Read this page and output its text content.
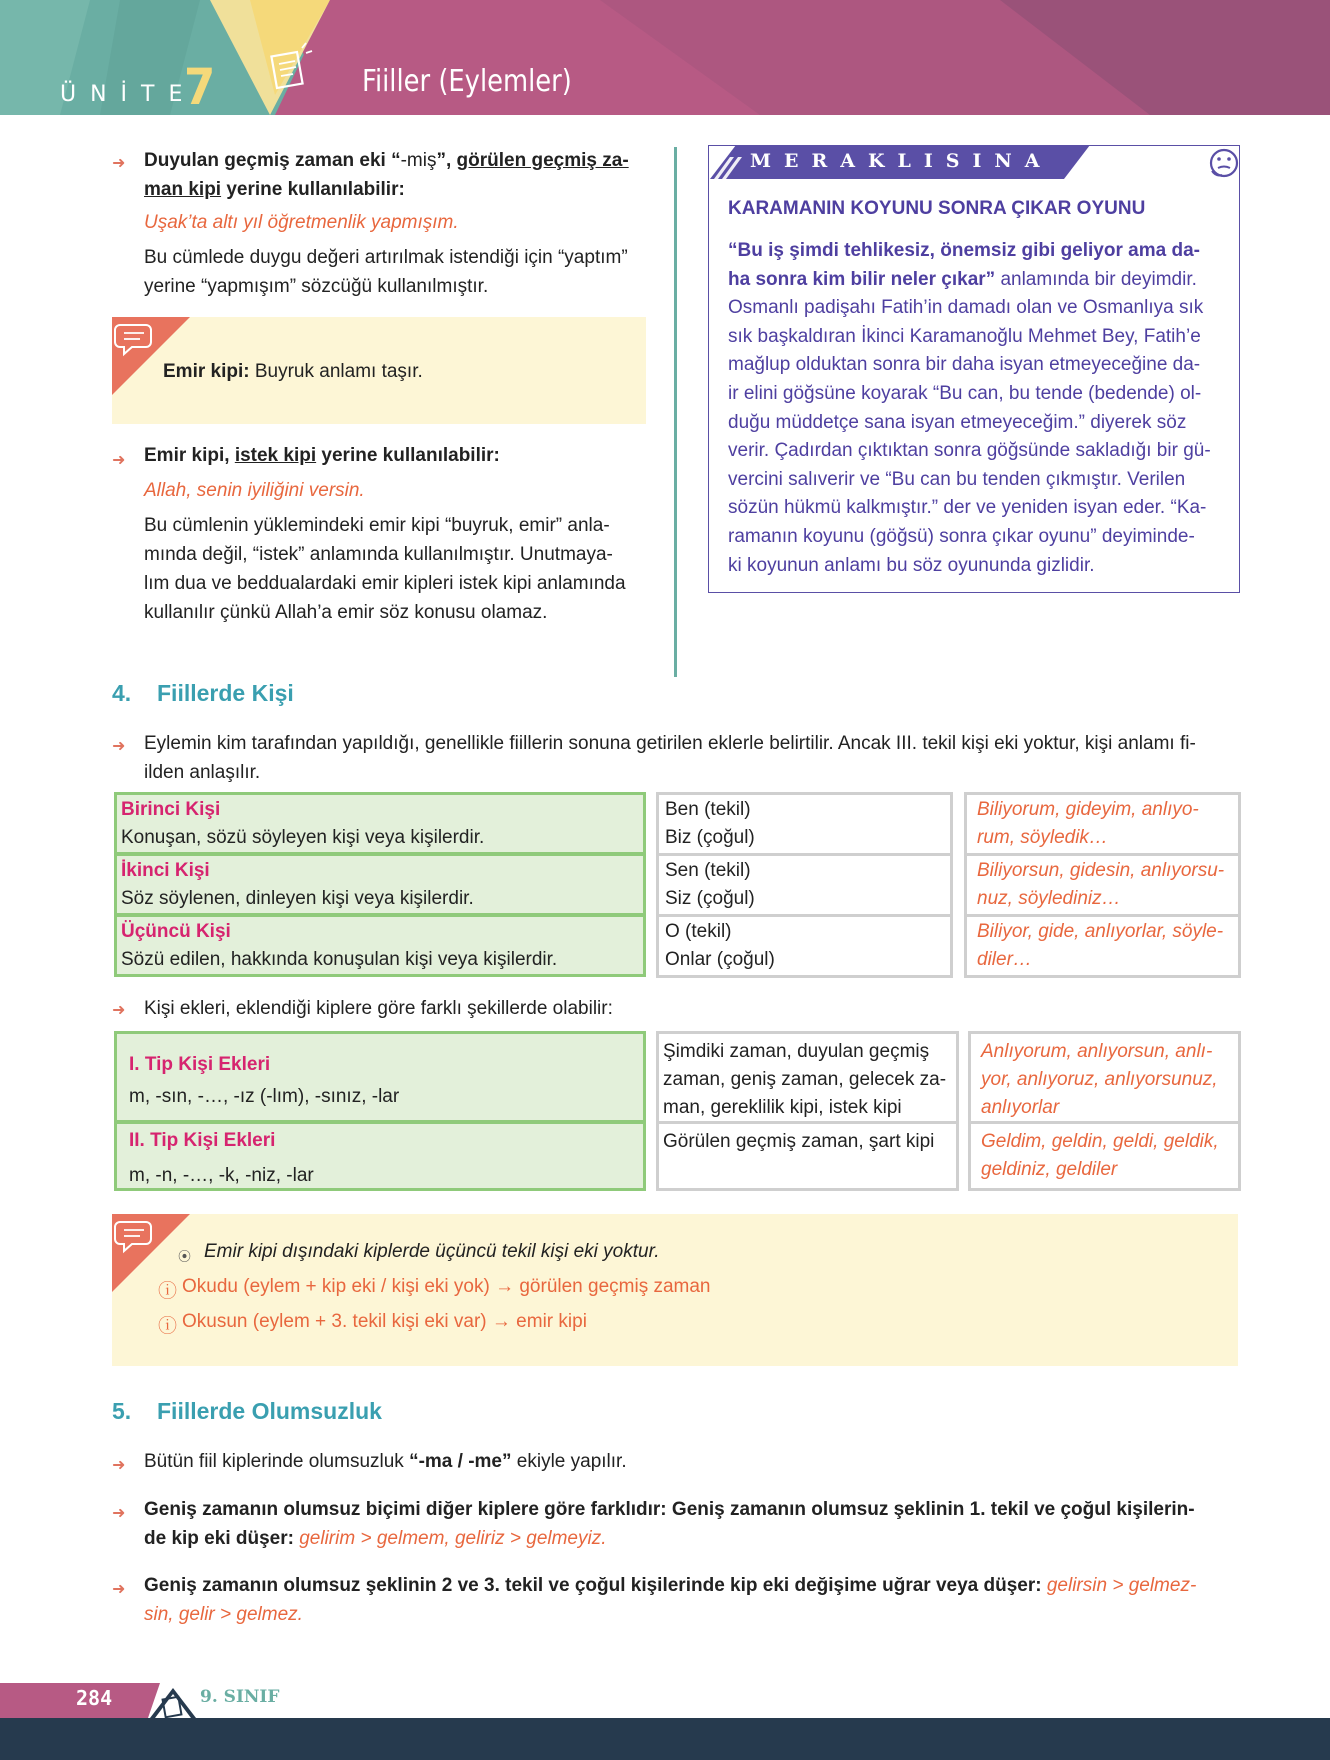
ÜNİTE
7	Fiiller (Eylemler)
➜ Duyulan geçmiş zaman eki “-miş”, görülen geçmiş za-
man kipi yerine kullanılabilir:
Uşak’ta altı yıl öğretmenlik yapmışım.
Bu cümlede duygu değeri artırılmak istendiği için “yaptım”
yerine “yapmışım” sözcüğü kullanılmıştır.
Emir kipi: Buyruk anlamı taşır.
➜ Emir kipi, istek kipi yerine kullanılabilir:
Allah, senin iyiliğini versin.
Bu cümlenin yüklemindeki emir kipi “buyruk, emir” anla-
mında değil, “istek” anlamında kullanılmıştır. Unutmaya-
lım dua ve beddualardaki emir kipleri istek kipi anlamında
kullanılır çünkü Allah’a emir söz konusu olamaz.
MERAKLISINA
KARAMANIN KOYUNU SONRA ÇIKAR OYUNU
“Bu iş şimdi tehlikesiz, önemsiz gibi geliyor ama da-
ha sonra kim bilir neler çıkar” anlamında bir deyimdir.
Osmanlı padişahı Fatih’in damadı olan ve Osmanlıya sık
sık başkaldıran İkinci Karamanoğlu Mehmet Bey, Fatih’e
mağlup olduktan sonra bir daha isyan etmeyeceğine da-
ir elini göğsüne koyarak “Bu can, bu tende (bedende) ol-
duğu müddetçe sana isyan etmeyeceğim.” diyerek söz
verir. Çadırdan çıktıktan sonra göğsünde sakladığı bir gü-
vercini salıverir ve “Bu can bu tenden çıkmıştır. Verilen
sözün hükmü kalkmıştır.” der ve yeniden isyan eder. “Ka-
ramanın koyunu (göğsü) sonra çıkar oyunu” deyiminde-
ki koyunun anlamı bu söz oyununda gizlidir.
4. Fiillerde Kişi
➜ Eylemin kim tarafından yapıldığı, genellikle fiillerin sonuna getirilen eklerle belirtilir. Ancak III. tekil kişi eki yoktur, kişi anlamı fi-
ilden anlaşılır.
Birinci Kişi
Konuşan, sözü söyleyen kişi veya kişilerdir.
İkinci Kişi
Söz söylenen, dinleyen kişi veya kişilerdir.
Üçüncü Kişi
Sözü edilen, hakkında konuşulan kişi veya kişilerdir.
Ben (tekil)
Biz (çoğul)
Sen (tekil)
Siz (çoğul)
O (tekil)
Onlar (çoğul)
Biliyorum, gideyim, anlıyo-
rum, söyledik…
Biliyorsun, gidesin, anlıyorsu-
nuz, söylediniz…
Biliyor, gide, anlıyorlar, söyle-
diler…
➜ Kişi ekleri, eklendiği kiplere göre farklı şekillerde olabilir:
I. Tip Kişi Ekleri
m, -sın, -…, -ız (-lım), -sınız, -lar
II. Tip Kişi Ekleri
m, -n, -…, -k, -niz, -lar
Şimdiki zaman, duyulan geçmiş
zaman, geniş zaman, gelecek za-
man, gereklilik kipi, istek kipi
Görülen geçmiş zaman, şart kipi
Anlıyorum, anlıyorsun, anlı-
yor, anlıyoruz, anlıyorsunuz,
anlıyorlar
Geldim, geldin, geldi, geldik,
geldiniz, geldiler
⦿ Emir kipi dışındaki kiplerde üçüncü tekil kişi eki yoktur.
ⓘ Okudu (eylem + kip eki / kişi eki yok) → görülen geçmiş zaman
ⓘ Okusun (eylem + 3. tekil kişi eki var) → emir kipi
5. Fiillerde Olumsuzluk
➜ Bütün fiil kiplerinde olumsuzluk “-ma / -me” ekiyle yapılır.
➜ Geniş zamanın olumsuz biçimi diğer kiplere göre farklıdır: Geniş zamanın olumsuz şeklinin 1. tekil ve çoğul kişilerin-
de kip eki düşer: gelirim > gelmem, geliriz > gelmeyiz.
➜ Geniş zamanın olumsuz şeklinin 2 ve 3. tekil ve çoğul kişilerinde kip eki değişime uğrar veya düşer: gelirsin > gelmez-
sin, gelir > gelmez.
284	9. SINIF
